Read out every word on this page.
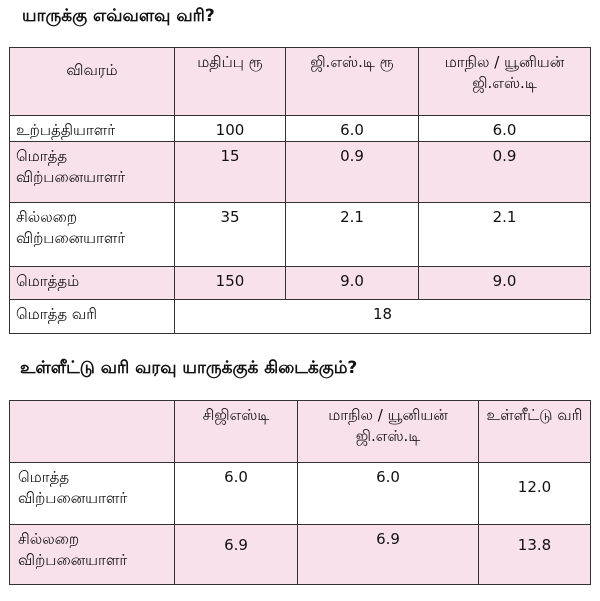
யாருக்கு எவ்வளவு வரி?
விவரம்	மதிப்பு ரூ	ஜி.எஸ்.டி ரூ	மாநில / யூனியன் ஜி.எஸ்.டி
உற்பத்தியாளர்	100	6.0	6.0
மொத்த விற்பனையாளர்	15	0.9	0.9
சில்லறை விற்பனையாளர்	35	2.1	2.1
மொத்தம்	150	9.0	9.0
மொத்த வரி	18		
உள்ளீட்டு வரி வரவு யாருக்குக் கிடைக்கும்?
	சிஜிஎஸ்டி	மாநில / யூனியன் ஜி.எஸ்.டி	உள்ளீட்டு வரி
மொத்த விற்பனையாளர்	6.0	6.0	12.0
சில்லறை விற்பனையாளர்	6.9	6.9	13.8
